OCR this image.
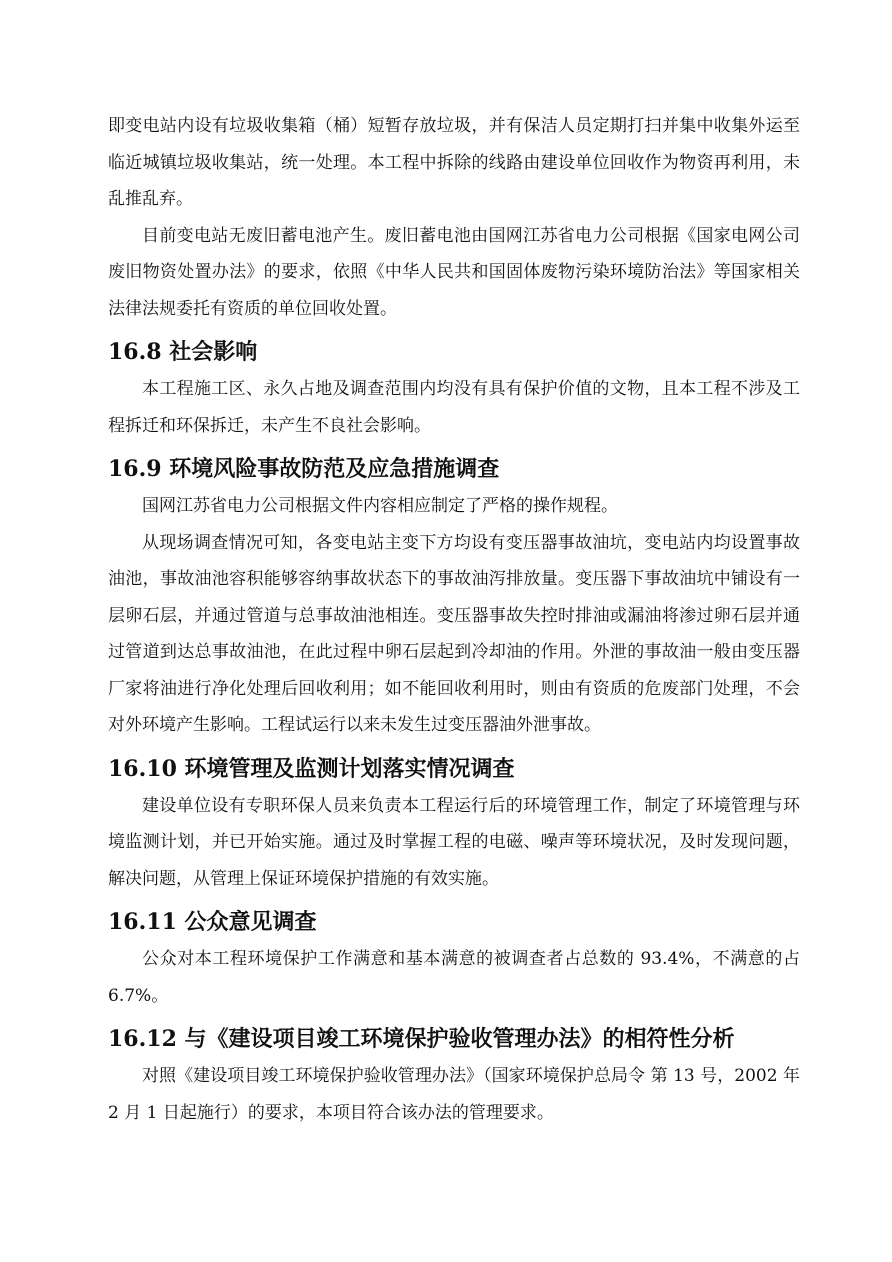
即变电站内设有垃圾收集箱（桶）短暂存放垃圾，并有保洁人员定期打扫并集中收集外运至临近城镇垃圾收集站，统一处理。本工程中拆除的线路由建设单位回收作为物资再利用，未乱推乱弃。

目前变电站无废旧蓄电池产生。废旧蓄电池由国网江苏省电力公司根据《国家电网公司废旧物资处置办法》的要求，依照《中华人民共和国固体废物污染环境防治法》等国家相关法律法规委托有资质的单位回收处置。

16.8 社会影响

本工程施工区、永久占地及调查范围内均没有具有保护价值的文物，且本工程不涉及工程拆迁和环保拆迁，未产生不良社会影响。

16.9 环境风险事故防范及应急措施调查

国网江苏省电力公司根据文件内容相应制定了严格的操作规程。

从现场调查情况可知，各变电站主变下方均设有变压器事故油坑，变电站内均设置事故油池，事故油池容积能够容纳事故状态下的事故油泻排放量。变压器下事故油坑中铺设有一层卵石层，并通过管道与总事故油池相连。变压器事故失控时排油或漏油将渗过卵石层并通过管道到达总事故油池，在此过程中卵石层起到冷却油的作用。外泄的事故油一般由变压器厂家将油进行净化处理后回收利用；如不能回收利用时，则由有资质的危废部门处理，不会对外环境产生影响。工程试运行以来未发生过变压器油外泄事故。

16.10 环境管理及监测计划落实情况调查

建设单位设有专职环保人员来负责本工程运行后的环境管理工作，制定了环境管理与环境监测计划，并已开始实施。通过及时掌握工程的电磁、噪声等环境状况，及时发现问题，解决问题，从管理上保证环境保护措施的有效实施。

16.11 公众意见调查

公众对本工程环境保护工作满意和基本满意的被调查者占总数的 93.4%，不满意的占 6.7%。

16.12 与《建设项目竣工环境保护验收管理办法》的相符性分析

对照《建设项目竣工环境保护验收管理办法》（国家环境保护总局令 第 13 号，2002 年 2 月 1 日起施行）的要求，本项目符合该办法的管理要求。
